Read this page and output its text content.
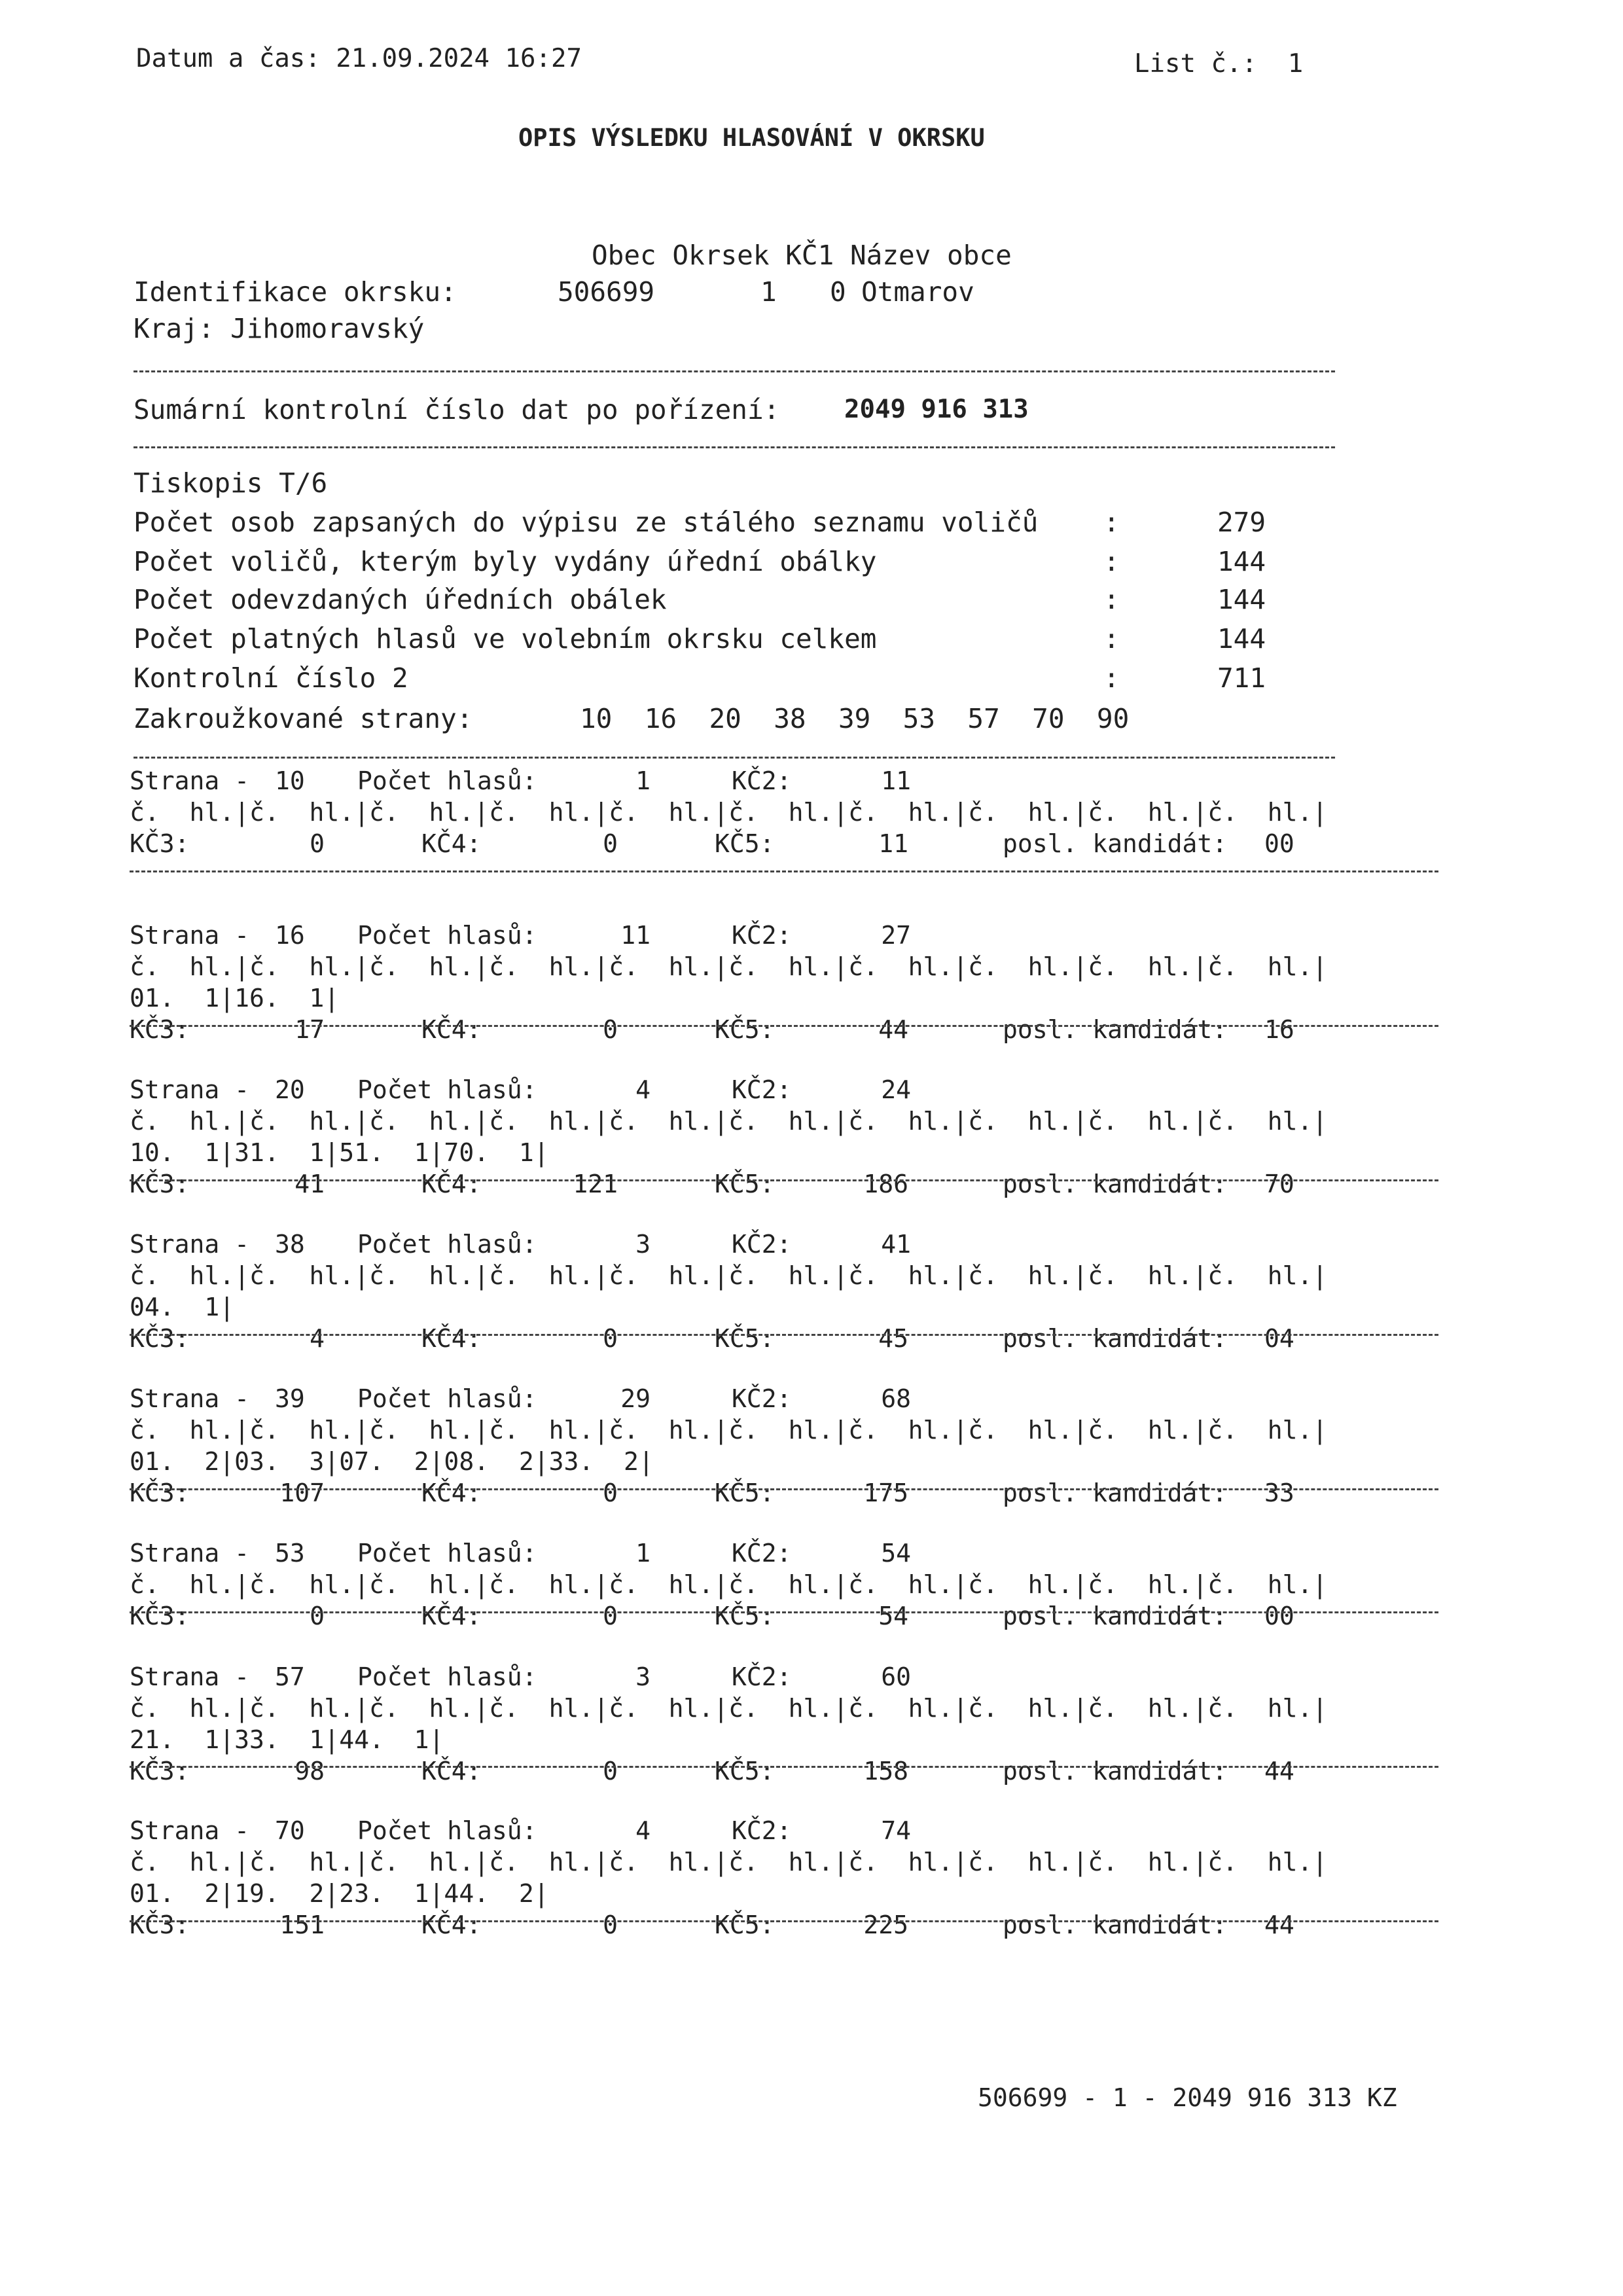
Datum a čas: 21.09.2024 16:27	List č.:  1
OPIS VÝSLEDKU HLASOVÁNÍ V OKRSKU
Obec Okrsek KČ1 Název obce
Identifikace okrsku:	506699	1 0 Otmarov
Kraj: Jihomoravský
Sumární kontrolní číslo dat po pořízení:	2049 916 313
Tiskopis T/6
Počet osob zapsaných do výpisu ze stálého seznamu voličů :	279
Počet voličů, kterým byly vydány úřední obálky	:	144
Počet odevzdaných úředních obálek	:	144
Počet platných hlasů ve volebním okrsku celkem	:	144
Kontrolní číslo 2	:	711
Zakroužkované strany:	10  16  20  38  39  53  57  70  90
Strana - 10 Počet hlasů:	1	KČ2:	11
č.  hl.|č.  hl.|č.  hl.|č.  hl.|č.  hl.|č.  hl.|č.  hl.|č.  hl.|č.  hl.|č.  hl.|
KČ3:	0	KČ4:	0	KČ5:	11	posl. kandidát: 00
Strana - 16 Počet hlasů:	11	KČ2:	27
č.  hl.|č.  hl.|č.  hl.|č.  hl.|č.  hl.|č.  hl.|č.  hl.|č.  hl.|č.  hl.|č.  hl.|
01.  1|16.  1|
KČ3:	17	KČ4:	0	KČ5:	44	posl. kandidát: 16
Strana - 20 Počet hlasů:	4	KČ2:	24
č.  hl.|č.  hl.|č.  hl.|č.  hl.|č.  hl.|č.  hl.|č.  hl.|č.  hl.|č.  hl.|č.  hl.|
10.  1|31.  1|51.  1|70.  1|
KČ3:	41	KČ4:	121	KČ5:	186	posl. kandidát: 70
Strana - 38 Počet hlasů:	3	KČ2:	41
č.  hl.|č.  hl.|č.  hl.|č.  hl.|č.  hl.|č.  hl.|č.  hl.|č.  hl.|č.  hl.|č.  hl.|
04.  1|
KČ3:	4	KČ4:	0	KČ5:	45	posl. kandidát: 04
Strana - 39 Počet hlasů:	29	KČ2:	68
č.  hl.|č.  hl.|č.  hl.|č.  hl.|č.  hl.|č.  hl.|č.  hl.|č.  hl.|č.  hl.|č.  hl.|
01.  2|03.  3|07.  2|08.  2|33.  2|
KČ3:	107	KČ4:	0	KČ5:	175	posl. kandidát: 33
Strana - 53 Počet hlasů:	1	KČ2:	54
č.  hl.|č.  hl.|č.  hl.|č.  hl.|č.  hl.|č.  hl.|č.  hl.|č.  hl.|č.  hl.|č.  hl.|
KČ3:	0	KČ4:	0	KČ5:	54	posl. kandidát: 00
Strana - 57 Počet hlasů:	3	KČ2:	60
č.  hl.|č.  hl.|č.  hl.|č.  hl.|č.  hl.|č.  hl.|č.  hl.|č.  hl.|č.  hl.|č.  hl.|
21.  1|33.  1|44.  1|
KČ3:	98	KČ4:	0	KČ5:	158	posl. kandidát: 44
Strana - 70 Počet hlasů:	4	KČ2:	74
č.  hl.|č.  hl.|č.  hl.|č.  hl.|č.  hl.|č.  hl.|č.  hl.|č.  hl.|č.  hl.|č.  hl.|
01.  2|19.  2|23.  1|44.  2|
KČ3:	151	KČ4:	0	KČ5:	225	posl. kandidát: 44
506699 - 1 - 2049 916 313 KZ
